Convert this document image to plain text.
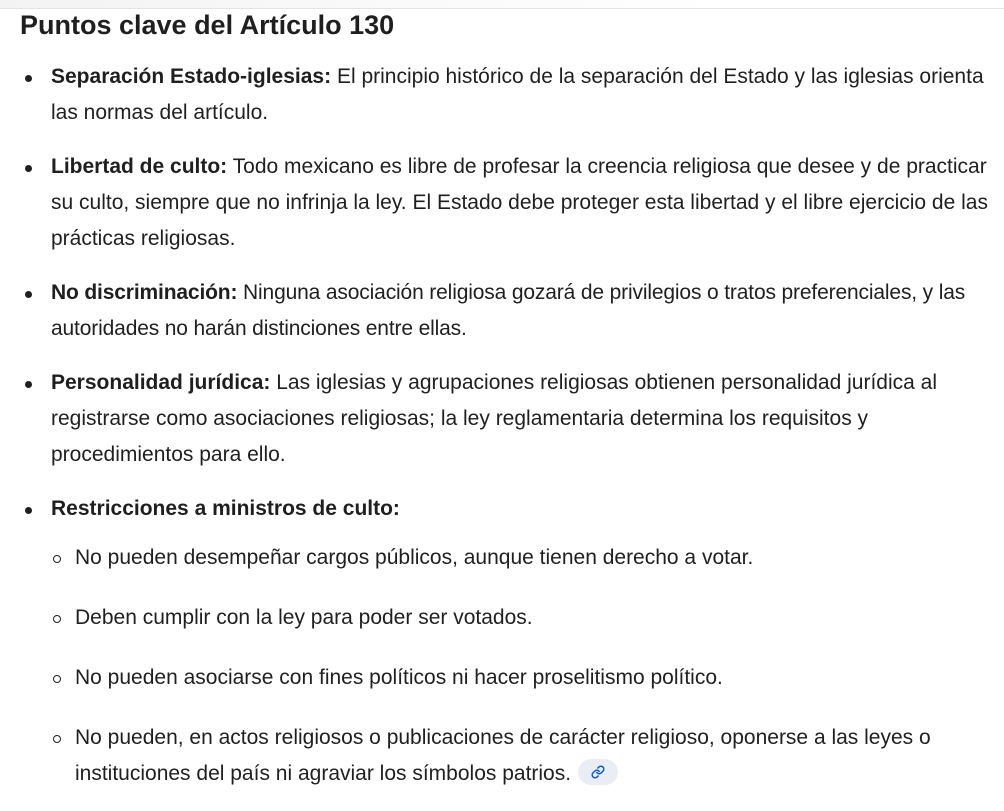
Puntos clave del Artículo 130
Separación Estado-iglesias: El principio histórico de la separación del Estado y las iglesias orienta las normas del artículo.
Libertad de culto: Todo mexicano es libre de profesar la creencia religiosa que desee y de practicar su culto, siempre que no infrinja la ley. El Estado debe proteger esta libertad y el libre ejercicio de las prácticas religiosas.
No discriminación: Ninguna asociación religiosa gozará de privilegios o tratos preferenciales, y las autoridades no harán distinciones entre ellas.
Personalidad jurídica: Las iglesias y agrupaciones religiosas obtienen personalidad jurídica al registrarse como asociaciones religiosas; la ley reglamentaria determina los requisitos y procedimientos para ello.
Restricciones a ministros de culto:
No pueden desempeñar cargos públicos, aunque tienen derecho a votar.
Deben cumplir con la ley para poder ser votados.
No pueden asociarse con fines políticos ni hacer proselitismo político.
No pueden, en actos religiosos o publicaciones de carácter religioso, oponerse a las leyes o instituciones del país ni agraviar los símbolos patrios.
